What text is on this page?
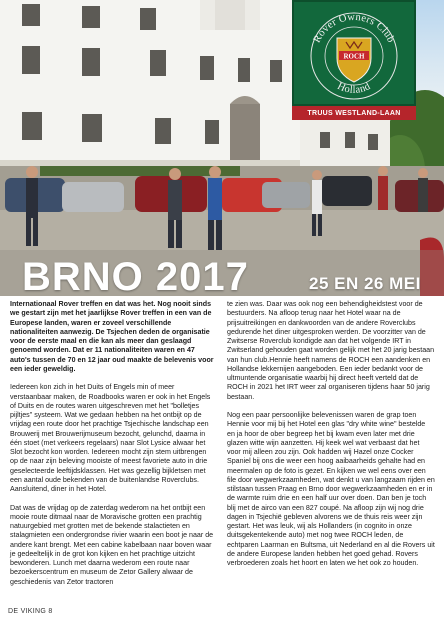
Rover Owners Club
Holland
ROCH
TRUUS WESTLAND-LAAN
BRNO 2017	25 EN 26 MEI

Internationaal Rover treffen en dat was het. Nog nooit sinds we gestart zijn met het jaarlijkse Rover treffen in een van de Europese landen, waren er zoveel verschillende nationaliteiten aanwezig. De Tsjechen deden de organisatie voor de eerste maal en die kan als meer dan geslaagd genoemd worden. Dat er 11 nationaliteiten waren en 47 auto's tussen de 70 en 12 jaar oud maakte de belevenis voor een ieder geweldig.

Iedereen kon zich in het Duits of Engels min of meer verstaanbaar maken, de Roadbooks waren er ook in het Engels of Duits en de routes waren uitgeschreven met het "bolletjes pijltjes" systeem. Wat we gedaan hebben na het ontbijt op de vrijdag een route door het prachtige Tsjechische landschap een Brouwerij met Brouwerijmuseum bezocht, gelunchd, daarna in één stoet (met verkeers regelaars) naar Slot Lysice alwaar het Slot bezocht kon worden. Iedereen mocht zijn stem uitbrengen op de naar zijn beleving mooiste of meest favoriete auto in drie geselecteerde leeftijdsklassen. Het was gezellig bijkletsen met een aantal oude bekenden van de buitenlandse Roverclubs. Aansluitend, diner in het Hotel.

Dat was de vrijdag op de zaterdag wederom na het ontbijt een mooie route ditmaal naar de Moravische grotten een prachtig natuurgebied met grotten met de bekende stalactieten en stalagmieten een ondergrondse rivier waarin een boot je naar de andere kant brengt. Met een cabine kabelbaan naar boven waar je gedeeltelijk in de grot kon kijken en het prachtige uitzicht bewonderen. Lunch met daarna wederom een route naar bezoekerscentrum en museum de Zetor Gallery alwaar de geschiedenis van Zetor tractoren

te zien was. Daar was ook nog een behendigheidstest voor de bestuurders. Na afloop terug naar het Hotel waar na de prijsuitreikingen en dankwoorden van de andere Roverclubs gedurende het diner uitgesproken werden. De voorzitter van de Zwitserse Roverclub kondigde aan dat het volgende IRT in Zwitserland gehouden gaat worden gelijk met het 20 jarig bestaan van hun club.Hennie heeft namens de ROCH een aandenken en Hollandse lekkernijen aangeboden. Een ieder bedankt voor de ultmuntende organisatie waarbij hij direct heeft verteld dat de ROCH in 2021 het IRT weer zal organiseren tijdens haar 50 jarig bestaan.

Nog een paar persoonlijke belevenissen waren de grap toen Hennie voor mij bij het Hotel een glas "dry white wine" bestelde en ja hoor de ober begreep het bij kwam even later met drie glazen witte wijn aanzetten. Hij keek wel wat verbaast dat het voor mij alleen zou zijn. Ook hadden wij Hazel onze Cocker Spaniel bij ons die weer een hoog aaibaarheids gehalte had en meermalen op de foto is gezet. En kijken we wel eens over een file door wegwerkzaamheden, wat denkt u van langzaam rijden en stilstaan tussen Praag en Brno door wegwerkzaamheden en er in de warmte ruim drie en een half uur over doen. Dan ben je toch blij met de airco van een 827 coupé. Na afloop zijn wij nog drie dagen in Tsjechië gebleven alvorens we de thuis reis weer zijn gestart. Het was leuk, wij als Hollanders (in cognito in onze duitsgekentekende auto) met nog twee ROCH leden, de echtparen Laarman en Bultsma, uit Nederland en al die Rovers uit de andere Europese landen hebben het goed gehad. Rovers verbroederen zoals het hoort en laten we het ook zo houden.

DE VIKING 8
